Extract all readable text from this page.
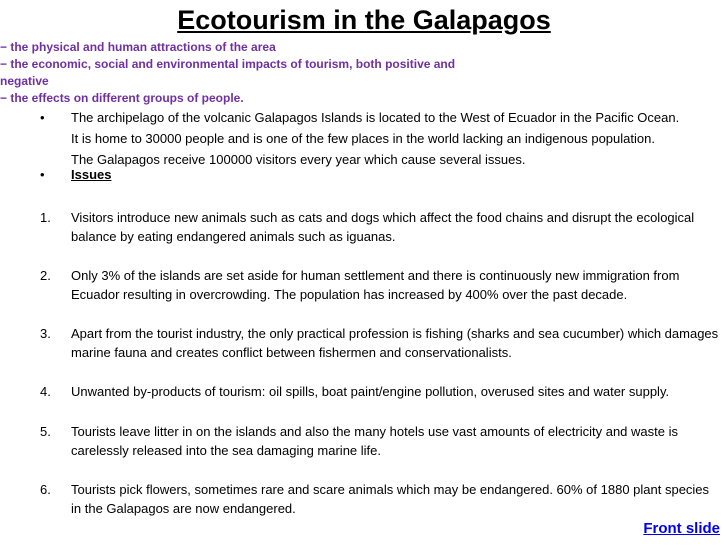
Ecotourism in the Galapagos
− the physical and human attractions of the area
− the economic, social and environmental impacts of tourism, both positive and negative
− the effects on different groups of people.
• The archipelago of the volcanic Galapagos Islands is located to the West of Ecuador in the Pacific Ocean.
It is home to 30000 people and is one of the few places in the world lacking an indigenous population.
The Galapagos receive 100000 visitors every year which cause several issues.
• Issues
1. Visitors introduce new animals such as cats and dogs which affect the food chains and disrupt the ecological balance by eating endangered animals such as iguanas.
2. Only 3% of the islands are set aside for human settlement and there is continuously new immigration from Ecuador resulting in overcrowding. The population has increased by 400% over the past decade.
3. Apart from the tourist industry, the only practical profession is fishing (sharks and sea cucumber) which damages marine fauna and creates conflict between fishermen and conservationalists.
4. Unwanted by-products of tourism: oil spills, boat paint/engine pollution, overused sites and water supply.
5. Tourists leave litter in on the islands and also the many hotels use vast amounts of electricity and waste is carelessly released into the sea damaging marine life.
6. Tourists pick flowers, sometimes rare and scare animals which may be endangered. 60% of 1880 plant species in the Galapagos are now endangered.
Front slide
